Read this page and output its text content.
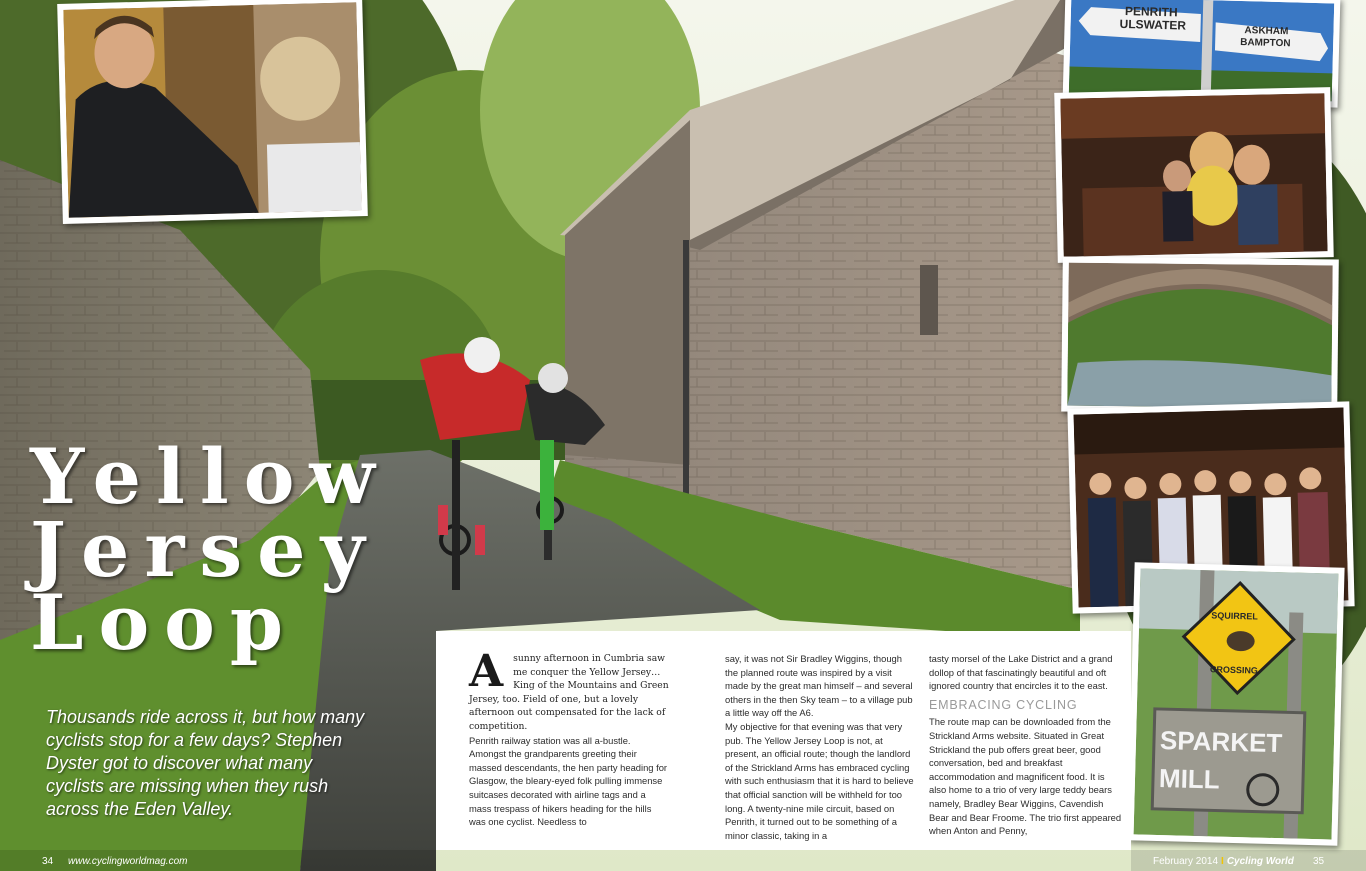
PENRITH
ULSWATER	ASKHAM
BAMPTON
SQUIRREL
CROSSING
SPARKET
MILL
Yellow
Jersey
Loop

Thousands ride across it, but how many cyclists stop for a few days? Stephen Dyster got to discover what many cyclists are missing when they rush across the Eden Valley.

A sunny afternoon in Cumbria saw me conquer the Yellow Jersey… King of the Mountains and Green Jersey, too. Field of one, but a lovely afternoon out compensated for the lack of competition.

Penrith railway station was all a-bustle. Amongst the grandparents greeting their massed descendants, the hen party heading for Glasgow, the bleary-eyed folk pulling immense suitcases decorated with airline tags and a mass trespass of hikers heading for the hills was one cyclist. Needless to

say, it was not Sir Bradley Wiggins, though the planned route was inspired by a visit made by the great man himself – and several others in the then Sky team – to a village pub a little way off the A6.

My objective for that evening was that very pub. The Yellow Jersey Loop is not, at present, an official route; though the landlord of the Strickland Arms has embraced cycling with such enthusiasm that it is hard to believe that official sanction will be withheld for too long. A twenty-nine mile circuit, based on Penrith, it turned out to be something of a minor classic, taking in a

tasty morsel of the Lake District and a grand dollop of that fascinatingly beautiful and oft ignored country that encircles it to the east.

EMBRACING CYCLING

The route map can be downloaded from the Strickland Arms website. Situated in Great Strickland the pub offers great beer, good conversation, bed and breakfast accommodation and magnificent food. It is also home to a trio of very large teddy bears namely, Bradley Bear Wiggins, Cavendish Bear and Bear Froome. The trio first appeared when Anton and Penny,

34 www.cyclingworldmag.com	February 2014 I Cycling World 35
